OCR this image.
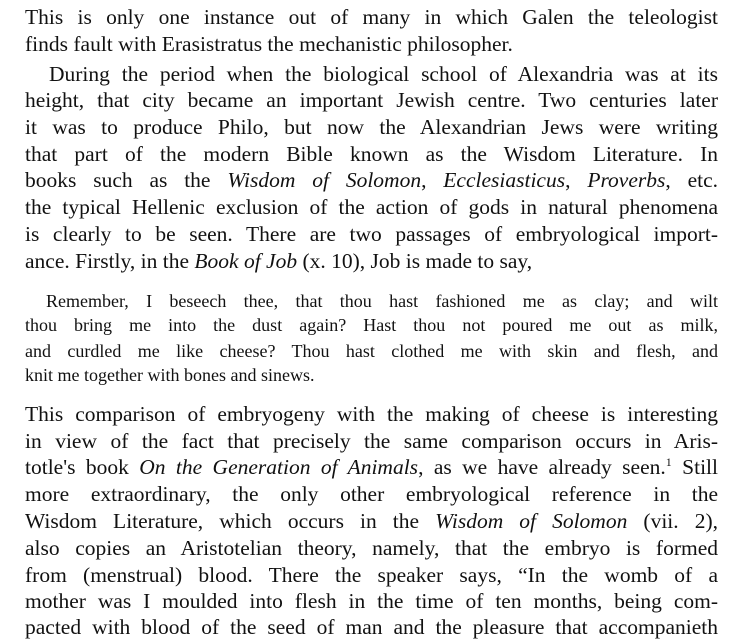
This is only one instance out of many in which Galen the teleologist
finds fault with Erasistratus the mechanistic philosopher.
During the period when the biological school of Alexandria was at its
height, that city became an important Jewish centre. Two centuries later
it was to produce Philo, but now the Alexandrian Jews were writing
that part of the modern Bible known as the Wisdom Literature. In
books such as the Wisdom of Solomon, Ecclesiasticus, Proverbs, etc.
the typical Hellenic exclusion of the action of gods in natural phenomena
is clearly to be seen. There are two passages of embryological import-
ance. Firstly, in the Book of Job (x. 10), Job is made to say,
Remember, I beseech thee, that thou hast fashioned me as clay; and wilt
thou bring me into the dust again? Hast thou not poured me out as milk,
and curdled me like cheese? Thou hast clothed me with skin and flesh, and
knit me together with bones and sinews.
This comparison of embryogeny with the making of cheese is interesting
in view of the fact that precisely the same comparison occurs in Aris-
totle's book On the Generation of Animals, as we have already seen.$^1$ Still
more extraordinary, the only other embryological reference in the
Wisdom Literature, which occurs in the Wisdom of Solomon (vii. 2),
also copies an Aristotelian theory, namely, that the embryo is formed
from (menstrual) blood. There the speaker says, “In the womb of a
mother was I moulded into flesh in the time of ten months, being com-
pacted with blood of the seed of man and the pleasure that accompanieth
